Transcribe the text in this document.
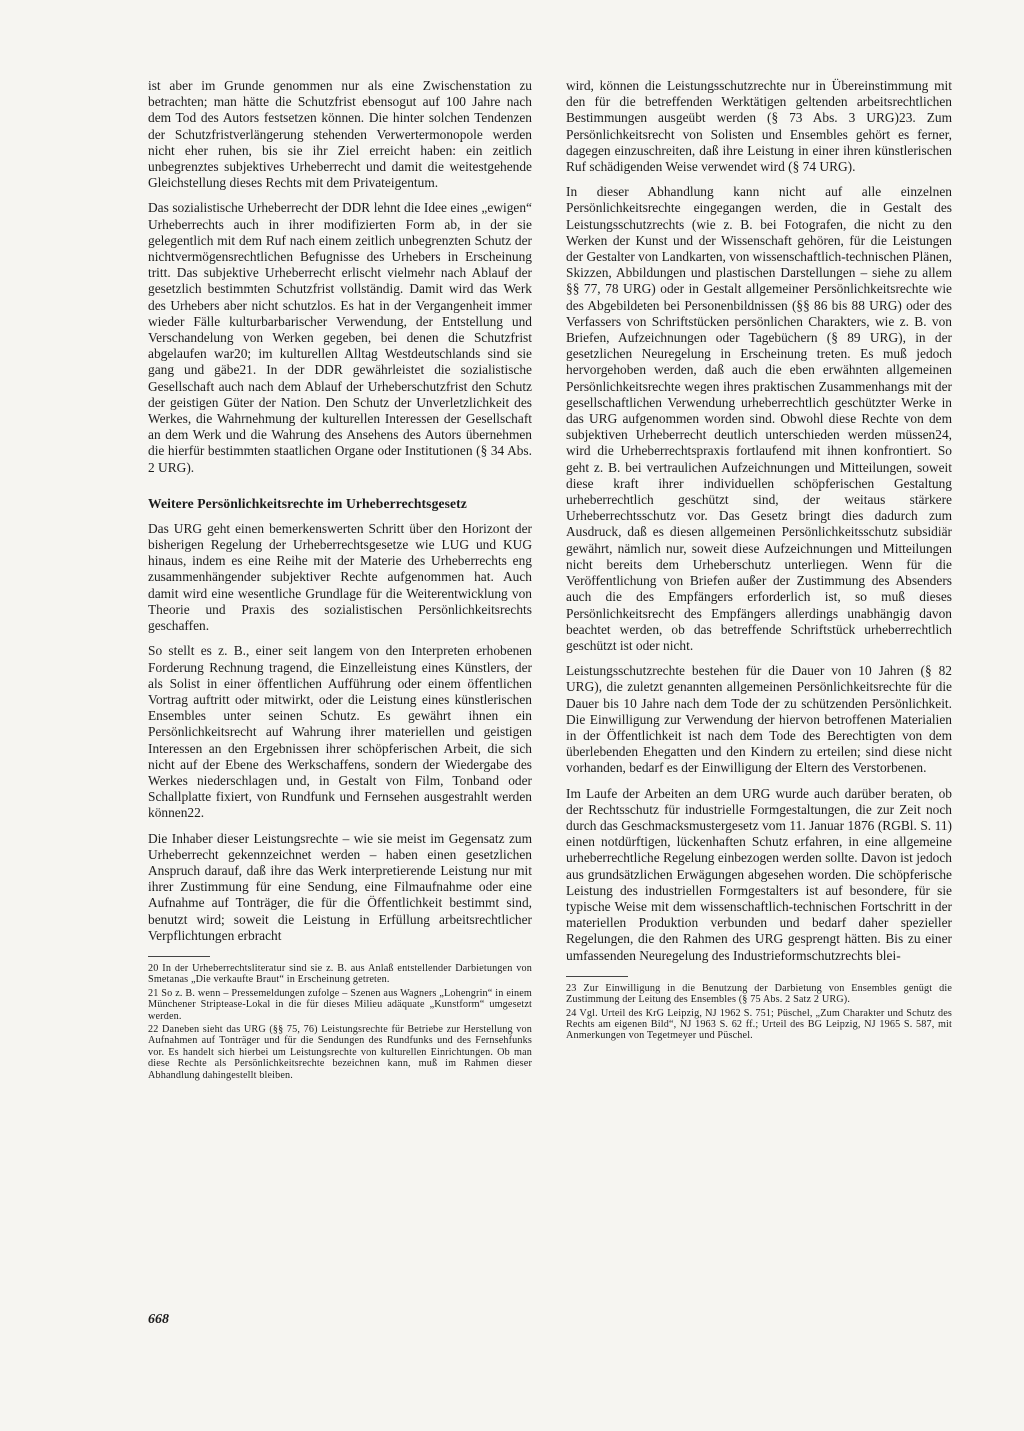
ist aber im Grunde genommen nur als eine Zwischenstation zu betrachten; man hätte die Schutzfrist ebensogut auf 100 Jahre nach dem Tod des Autors festsetzen können. Die hinter solchen Tendenzen der Schutzfristverlängerung stehenden Verwertermonopole werden nicht eher ruhen, bis sie ihr Ziel erreicht haben: ein zeitlich unbegrenztes subjektives Urheberrecht und damit die weitestgehende Gleichstellung dieses Rechts mit dem Privateigentum.

Das sozialistische Urheberrecht der DDR lehnt die Idee eines „ewigen“ Urheberrechts auch in ihrer modifizierten Form ab, in der sie gelegentlich mit dem Ruf nach einem zeitlich unbegrenzten Schutz der nichtvermögensrechtlichen Befugnisse des Urhebers in Erscheinung tritt. Das subjektive Urheberrecht erlischt vielmehr nach Ablauf der gesetzlich bestimmten Schutzfrist vollständig. Damit wird das Werk des Urhebers aber nicht schutzlos. Es hat in der Vergangenheit immer wieder Fälle kulturbarbarischer Verwendung, der Entstellung und Verschandelung von Werken gegeben, bei denen die Schutzfrist abgelaufen war20; im kulturellen Alltag Westdeutschlands sind sie gang und gäbe21. In der DDR gewährleistet die sozialistische Gesellschaft auch nach dem Ablauf der Urheberschutzfrist den Schutz der geistigen Güter der Nation. Den Schutz der Unverletzlichkeit des Werkes, die Wahrnehmung der kulturellen Interessen der Gesellschaft an dem Werk und die Wahrung des Ansehens des Autors übernehmen die hierfür bestimmten staatlichen Organe oder Institutionen (§ 34 Abs. 2 URG).

Weitere Persönlichkeitsrechte im Urheberrechtsgesetz

Das URG geht einen bemerkenswerten Schritt über den Horizont der bisherigen Regelung der Urheberrechtsgesetze wie LUG und KUG hinaus, indem es eine Reihe mit der Materie des Urheberrechts eng zusammenhängender subjektiver Rechte aufgenommen hat. Auch damit wird eine wesentliche Grundlage für die Weiterentwicklung von Theorie und Praxis des sozialistischen Persönlichkeitsrechts geschaffen.

So stellt es z. B., einer seit langem von den Interpreten erhobenen Forderung Rechnung tragend, die Einzelleistung eines Künstlers, der als Solist in einer öffentlichen Aufführung oder einem öffentlichen Vortrag auftritt oder mitwirkt, oder die Leistung eines künstlerischen Ensembles unter seinen Schutz. Es gewährt ihnen ein Persönlichkeitsrecht auf Wahrung ihrer materiellen und geistigen Interessen an den Ergebnissen ihrer schöpferischen Arbeit, die sich nicht auf der Ebene des Werkschaffens, sondern der Wiedergabe des Werkes niederschlagen und, in Gestalt von Film, Tonband oder Schallplatte fixiert, von Rundfunk und Fernsehen ausgestrahlt werden können22.

Die Inhaber dieser Leistungsrechte – wie sie meist im Gegensatz zum Urheberrecht gekennzeichnet werden – haben einen gesetzlichen Anspruch darauf, daß ihre das Werk interpretierende Leistung nur mit ihrer Zustimmung für eine Sendung, eine Filmaufnahme oder eine Aufnahme auf Tonträger, die für die Öffentlichkeit bestimmt sind, benutzt wird; soweit die Leistung in Erfüllung arbeitsrechtlicher Verpflichtungen erbracht

20 In der Urheberrechtsliteratur sind sie z. B. aus Anlaß entstellender Darbietungen von Smetanas „Die verkaufte Braut“ in Erscheinung getreten.

21 So z. B. wenn – Pressemeldungen zufolge – Szenen aus Wagners „Lohengrin“ in einem Münchener Striptease-Lokal in die für dieses Milieu adäquate „Kunstform“ umgesetzt werden.

22 Daneben sieht das URG (§§ 75, 76) Leistungsrechte für Betriebe zur Herstellung von Aufnahmen auf Tonträger und für die Sendungen des Rundfunks und des Fernsehfunks vor. Es handelt sich hierbei um Leistungsrechte von kulturellen Einrichtungen. Ob man diese Rechte als Persönlichkeitsrechte bezeichnen kann, muß im Rahmen dieser Abhandlung dahingestellt bleiben.

wird, können die Leistungsschutzrechte nur in Übereinstimmung mit den für die betreffenden Werktätigen geltenden arbeitsrechtlichen Bestimmungen ausgeübt werden (§ 73 Abs. 3 URG)23. Zum Persönlichkeitsrecht von Solisten und Ensembles gehört es ferner, dagegen einzuschreiten, daß ihre Leistung in einer ihren künstlerischen Ruf schädigenden Weise verwendet wird (§ 74 URG).

In dieser Abhandlung kann nicht auf alle einzelnen Persönlichkeitsrechte eingegangen werden, die in Gestalt des Leistungsschutzrechts (wie z. B. bei Fotografen, die nicht zu den Werken der Kunst und der Wissenschaft gehören, für die Leistungen der Gestalter von Landkarten, von wissenschaftlich-technischen Plänen, Skizzen, Abbildungen und plastischen Darstellungen – siehe zu allem §§ 77, 78 URG) oder in Gestalt allgemeiner Persönlichkeitsrechte wie des Abgebildeten bei Personenbildnissen (§§ 86 bis 88 URG) oder des Verfassers von Schriftstücken persönlichen Charakters, wie z. B. von Briefen, Aufzeichnungen oder Tagebüchern (§ 89 URG), in der gesetzlichen Neuregelung in Erscheinung treten. Es muß jedoch hervorgehoben werden, daß auch die eben erwähnten allgemeinen Persönlichkeitsrechte wegen ihres praktischen Zusammenhangs mit der gesellschaftlichen Verwendung urheberrechtlich geschützter Werke in das URG aufgenommen worden sind. Obwohl diese Rechte von dem subjektiven Urheberrecht deutlich unterschieden werden müssen24, wird die Urheberrechtspraxis fortlaufend mit ihnen konfrontiert. So geht z. B. bei vertraulichen Aufzeichnungen und Mitteilungen, soweit diese kraft ihrer individuellen schöpferischen Gestaltung urheberrechtlich geschützt sind, der weitaus stärkere Urheberrechtsschutz vor. Das Gesetz bringt dies dadurch zum Ausdruck, daß es diesen allgemeinen Persönlichkeitsschutz subsidiär gewährt, nämlich nur, soweit diese Aufzeichnungen und Mitteilungen nicht bereits dem Urheberschutz unterliegen. Wenn für die Veröffentlichung von Briefen außer der Zustimmung des Absenders auch die des Empfängers erforderlich ist, so muß dieses Persönlichkeitsrecht des Empfängers allerdings unabhängig davon beachtet werden, ob das betreffende Schriftstück urheberrechtlich geschützt ist oder nicht.

Leistungsschutzrechte bestehen für die Dauer von 10 Jahren (§ 82 URG), die zuletzt genannten allgemeinen Persönlichkeitsrechte für die Dauer bis 10 Jahre nach dem Tode der zu schützenden Persönlichkeit. Die Einwilligung zur Verwendung der hiervon betroffenen Materialien in der Öffentlichkeit ist nach dem Tode des Berechtigten von dem überlebenden Ehegatten und den Kindern zu erteilen; sind diese nicht vorhanden, bedarf es der Einwilligung der Eltern des Verstorbenen.

Im Laufe der Arbeiten an dem URG wurde auch darüber beraten, ob der Rechtsschutz für industrielle Formgestaltungen, die zur Zeit noch durch das Geschmacksmustergesetz vom 11. Januar 1876 (RGBl. S. 11) einen notdürftigen, lückenhaften Schutz erfahren, in eine allgemeine urheberrechtliche Regelung einbezogen werden sollte. Davon ist jedoch aus grundsätzlichen Erwägungen abgesehen worden. Die schöpferische Leistung des industriellen Formgestalters ist auf besondere, für sie typische Weise mit dem wissenschaftlich-technischen Fortschritt in der materiellen Produktion verbunden und bedarf daher spezieller Regelungen, die den Rahmen des URG gesprengt hätten. Bis zu einer umfassenden Neuregelung des Industrieformschutzrechts blei-

23 Zur Einwilligung in die Benutzung der Darbietung von Ensembles genügt die Zustimmung der Leitung des Ensembles (§ 75 Abs. 2 Satz 2 URG).

24 Vgl. Urteil des KrG Leipzig, NJ 1962 S. 751; Püschel, „Zum Charakter und Schutz des Rechts am eigenen Bild“, NJ 1963 S. 62 ff.; Urteil des BG Leipzig, NJ 1965 S. 587, mit Anmerkungen von Tegetmeyer und Püschel.

668
